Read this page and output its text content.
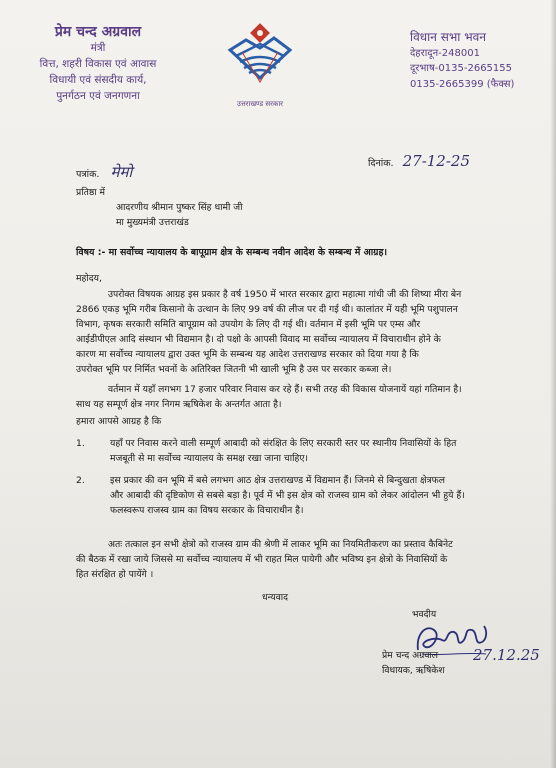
प्रेम चन्द अग्रवाल
मंत्री
वित्त, शहरी विकास एवं आवास
विधायी एवं संसदीय कार्य,
पुनर्गठन एवं जनगणना
उत्तराखण्ड सरकार
विधान सभा भवन
देहरादून-248001
दूरभाष-0135-2665155
0135-2665399 (फैक्स)
पत्रांक. मेमो	दिनांक. 27-12-25
प्रतिष्ठा में
आदरणीय श्रीमान पुष्कर सिंह धामी जी
मा मुख्यमंत्री उत्तराखंड
विषय :- मा सर्वोच्च न्यायालय के बापूग्राम क्षेत्र के सम्बन्ध नवीन आदेश के सम्बन्ध में आग्रह।
महोदय,
उपरोक्त विषयक आग्रह इस प्रकार है वर्ष 1950 में भारत सरकार द्वारा महात्मा गांधी जी की शिष्या मीरा बेन
2866 एकड़ भूमि गरीब किसानो के उत्थान के लिए 99 वर्ष की लीज पर दी गई थी। कालांतर में यही भूमि पशुपालन
विभाग, कृषक सरकारी समिति बापूग्राम को उपयोग के लिए दी गई थी। वर्तमान में इसी भूमि पर एम्स और
आईडीपीएल आदि संस्थान भी विद्यमान है। दो पक्षो के आपसी विवाद मा सर्वोच्च न्यायालय में विचाराधीन होने के
कारण मा सर्वोच्च न्यायालय द्वारा उक्त भूमि के सम्बन्ध यह आदेश उत्तराखण्ड सरकार को दिया गया है कि
उपरोक्त भूमि पर निर्मित भवनों के अतिरिक्त जितनी भी खाली भूमि है उस पर सरकार कब्जा ले।
वर्तमान में यहाँ लगभग 17 हजार परिवार निवास कर रहे हैं। सभी तरह की विकास योजनायें यहां गतिमान है।
साथ यह सम्पूर्ण क्षेत्र नगर निगम ऋषिकेश के अन्तर्गत आता है।
हमारा आपसे आग्रह है कि
1.	यहाँ पर निवास करने वाली सम्पूर्ण आबादी को संरक्षित के लिए सरकारी स्तर पर स्थानीय निवासियों के हित
मजबूती से मा सर्वोच्च न्यायालय के समक्ष रखा जाना चाहिए।
2.	इस प्रकार की वन भूमि में बसे लगभग आठ क्षेत्र उत्तराखण्ड में विद्यमान हैं। जिनमे से बिन्दुखता क्षेत्रफल
और आबादी की दृष्टिकोण से सबसे बड़ा है। पूर्व में भी इस क्षेत्र को राजस्व ग्राम को लेकर आंदोलन भी हुये हैं।
फलस्वरूप राजस्व ग्राम का विषय सरकार के विचाराधीन है।
अतः तत्काल इन सभी क्षेत्रो को राजस्व ग्राम की श्रेणी में लाकर भूमि का नियमितीकरण का प्रस्ताव कैबिनेट
की बैठक में रखा जाये जिससे मा सर्वोच्च न्यायालय में भी राहत मिल पायेगी और भविष्य इन क्षेत्रो के निवासियों के
हित संरक्षित हो पायेंगे ।
धन्यवाद
भवदीय
प्रेम चन्द अग्रवाल
विधायक, ऋषिकेश
27.12.25
